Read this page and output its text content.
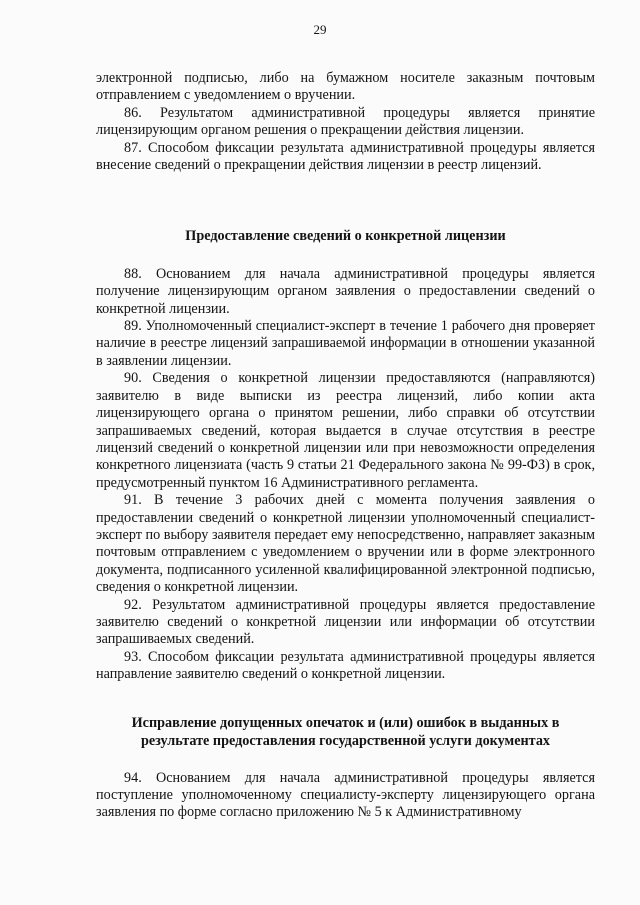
29

электронной подписью, либо на бумажном носителе заказным почтовым отправлением с уведомлением о вручении.

86. Результатом административной процедуры является принятие лицензирующим органом решения о прекращении действия лицензии.

87. Способом фиксации результата административной процедуры является внесение сведений о прекращении действия лицензии в реестр лицензий.

Предоставление сведений о конкретной лицензии

88. Основанием для начала административной процедуры является получение лицензирующим органом заявления о предоставлении сведений о конкретной лицензии.

89. Уполномоченный специалист-эксперт в течение 1 рабочего дня проверяет наличие в реестре лицензий запрашиваемой информации в отношении указанной в заявлении лицензии.

90. Сведения о конкретной лицензии предоставляются (направляются) заявителю в виде выписки из реестра лицензий, либо копии акта лицензирующего органа о принятом решении, либо справки об отсутствии запрашиваемых сведений, которая выдается в случае отсутствия в реестре лицензий сведений о конкретной лицензии или при невозможности определения конкретного лицензиата (часть 9 статьи 21 Федерального закона № 99-ФЗ) в срок, предусмотренный пунктом 16 Административного регламента.

91. В течение 3 рабочих дней с момента получения заявления о предоставлении сведений о конкретной лицензии уполномоченный специалист-эксперт по выбору заявителя передает ему непосредственно, направляет заказным почтовым отправлением с уведомлением о вручении или в форме электронного документа, подписанного усиленной квалифицированной электронной подписью, сведения о конкретной лицензии.

92. Результатом административной процедуры является предоставление заявителю сведений о конкретной лицензии или информации об отсутствии запрашиваемых сведений.

93. Способом фиксации результата административной процедуры является направление заявителю сведений о конкретной лицензии.

Исправление допущенных опечаток и (или) ошибок в выданных в результате предоставления государственной услуги документах

94. Основанием для начала административной процедуры является поступление уполномоченному специалисту-эксперту лицензирующего органа заявления по форме согласно приложению № 5 к Административному
